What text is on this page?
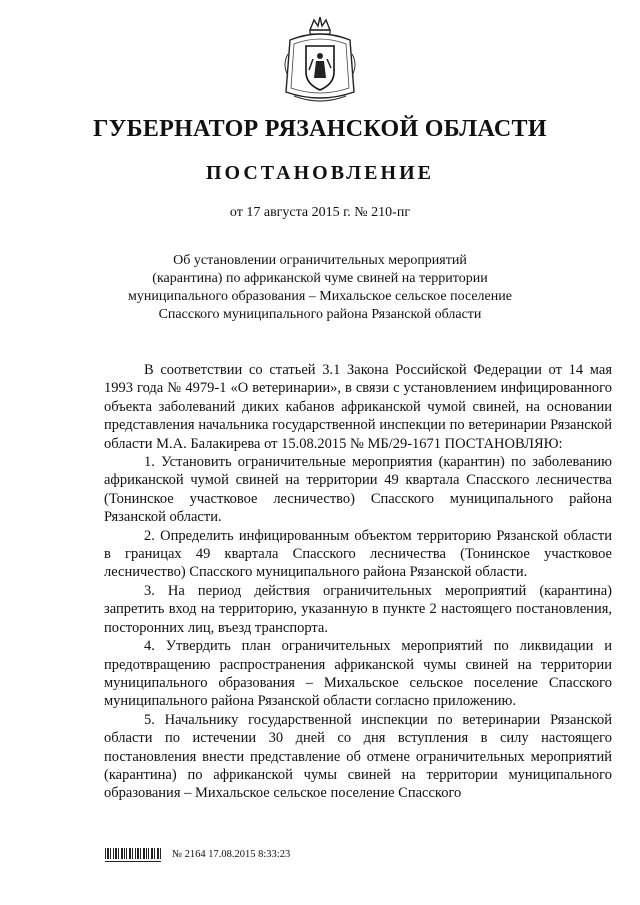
ГУБЕРНАТОР РЯЗАНСКОЙ ОБЛАСТИ
ПОСТАНОВЛЕНИЕ
от 17 августа 2015 г. № 210-пг
Об установлении ограничительных мероприятий
(карантина) по африканской чуме свиней на территории
муниципального образования – Михальское сельское поселение
Спасского муниципального района Рязанской области

В соответствии со статьей 3.1 Закона Российской Федерации от 14 мая 1993 года № 4979-1 «О ветеринарии», в связи с установлением инфицированного объекта заболеваний диких кабанов африканской чумой свиней, на основании представления начальника государственной инспекции по ветеринарии Рязанской области М.А. Балакирева от 15.08.2015 № МБ/29-1671 ПОСТАНОВЛЯЮ:

1. Установить ограничительные мероприятия (карантин) по заболеванию африканской чумой свиней на территории 49 квартала Спасского лесничества (Тонинское участковое лесничество) Спасского муниципального района Рязанской области.

2. Определить инфицированным объектом территорию Рязанской области в границах 49 квартала Спасского лесничества (Тонинское участковое лесничество) Спасского муниципального района Рязанской области.

3. На период действия ограничительных мероприятий (карантина) запретить вход на территорию, указанную в пункте 2 настоящего постановления, посторонних лиц, въезд транспорта.

4. Утвердить план ограничительных мероприятий по ликвидации и предотвращению распространения африканской чумы свиней на территории муниципального образования – Михальское сельское поселение Спасского муниципального района Рязанской области согласно приложению.

5. Начальнику государственной инспекции по ветеринарии Рязанской области по истечении 30 дней со дня вступления в силу настоящего постановления внести представление об отмене ограничительных мероприятий (карантина) по африканской чумы свиней на территории муниципального образования – Михальское сельское поселение Спасского

№ 2164 17.08.2015 8:33:23
